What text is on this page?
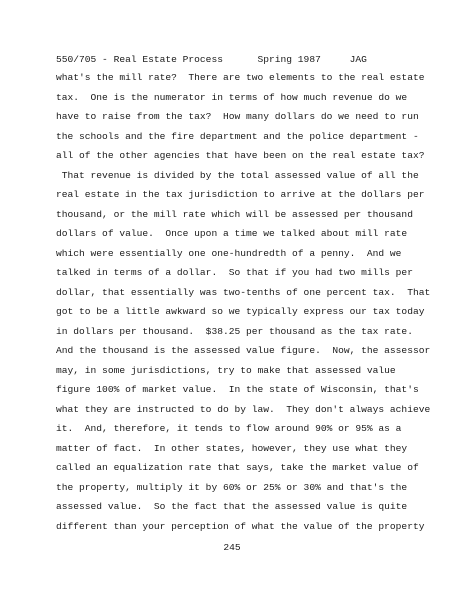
550/705 - Real Estate Process      Spring 1987     JAG
what's the mill rate?  There are two elements to the real estate
tax.  One is the numerator in terms of how much revenue do we
have to raise from the tax?  How many dollars do we need to run
the schools and the fire department and the police department -
all of the other agencies that have been on the real estate tax?
That revenue is divided by the total assessed value of all the
real estate in the tax jurisdiction to arrive at the dollars per
thousand, or the mill rate which will be assessed per thousand
dollars of value.  Once upon a time we talked about mill rate
which were essentially one one-hundredth of a penny.  And we
talked in terms of a dollar.  So that if you had two mills per
dollar, that essentially was two-tenths of one percent tax.  That
got to be a little awkward so we typically express our tax today
in dollars per thousand.  $38.25 per thousand as the tax rate.
And the thousand is the assessed value figure.  Now, the assessor
may, in some jurisdictions, try to make that assessed value
figure 100% of market value.  In the state of Wisconsin, that's
what they are instructed to do by law.  They don't always achieve
it.  And, therefore, it tends to flow around 90% or 95% as a
matter of fact.  In other states, however, they use what they
called an equalization rate that says, take the market value of
the property, multiply it by 60% or 25% or 30% and that's the
assessed value.  So the fact that the assessed value is quite
different than your perception of what the value of the property
245
